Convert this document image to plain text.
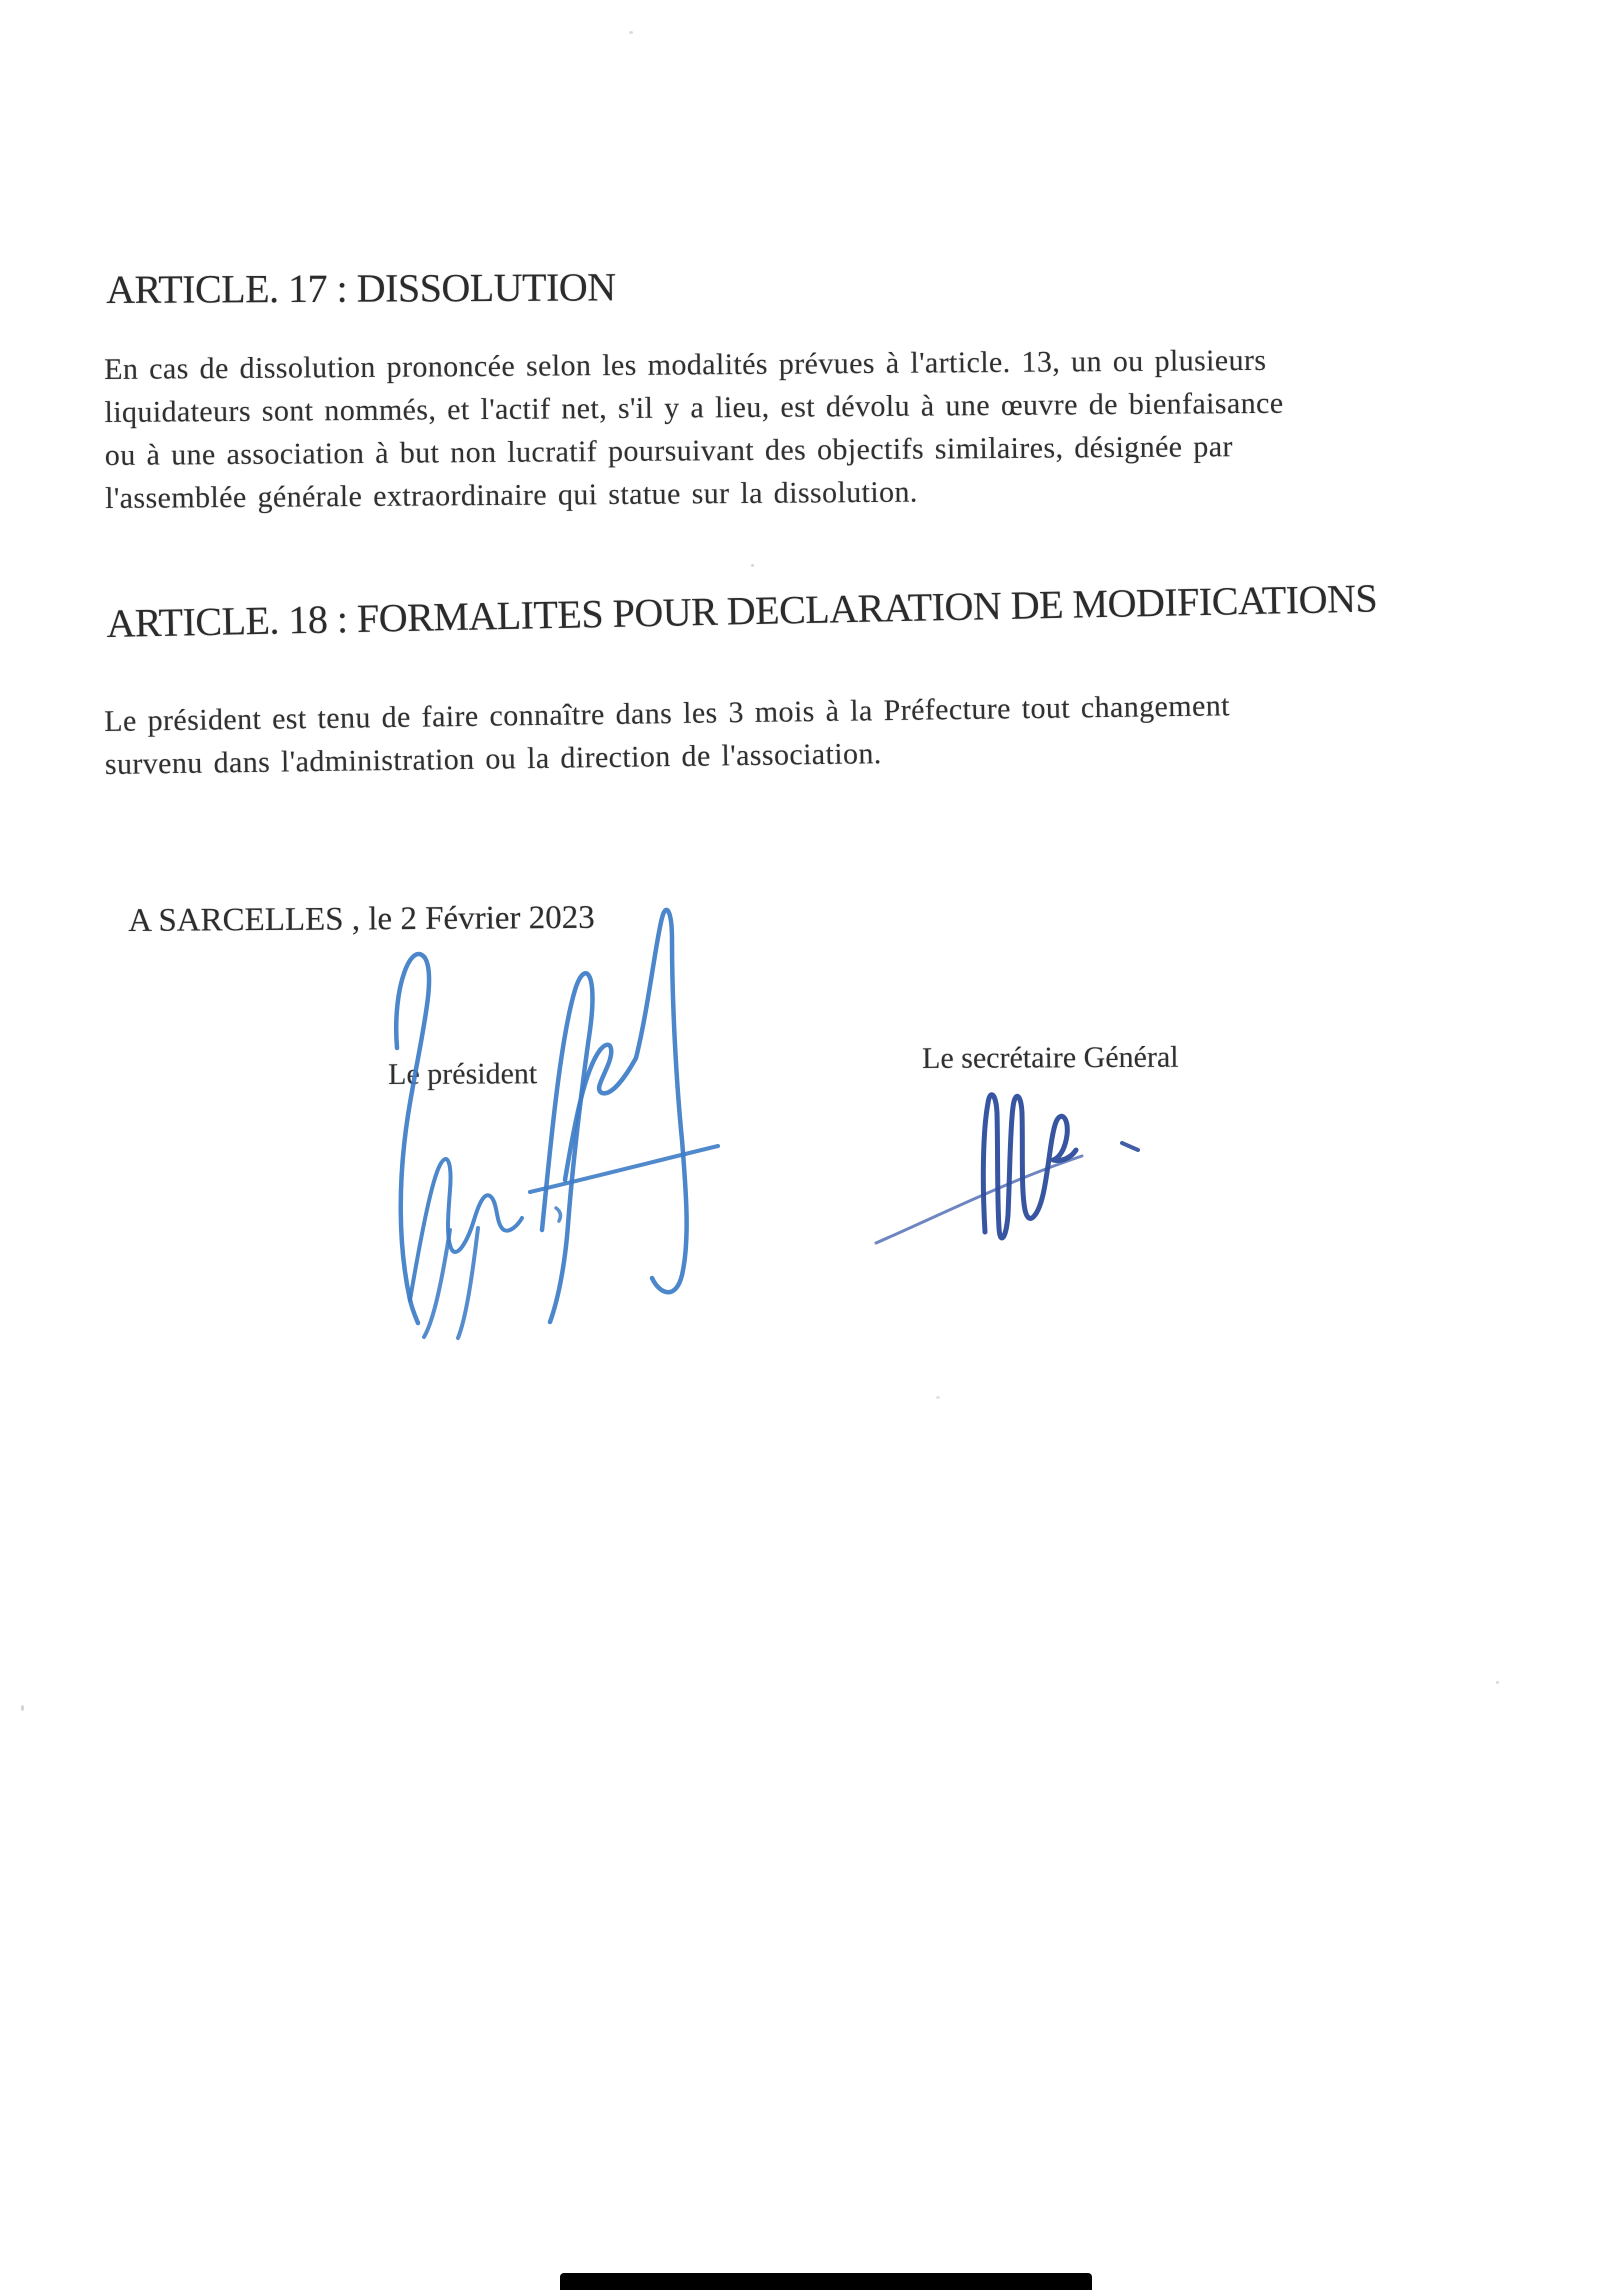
ARTICLE. 17 : DISSOLUTION
En cas de dissolution prononcée selon les modalités prévues à l'article. 13, un ou plusieurs
liquidateurs sont nommés, et l'actif net, s'il y a lieu, est dévolu à une œuvre de bienfaisance
ou à une association à but non lucratif poursuivant des objectifs similaires, désignée par
l'assemblée générale extraordinaire qui statue sur la dissolution.
ARTICLE. 18 : FORMALITES POUR DECLARATION DE MODIFICATIONS
Le président est tenu de faire connaître dans les 3 mois à la Préfecture tout changement
survenu dans l'administration ou la direction de l'association.
A SARCELLES , le 2 Février 2023
Le président	Le secrétaire Général
